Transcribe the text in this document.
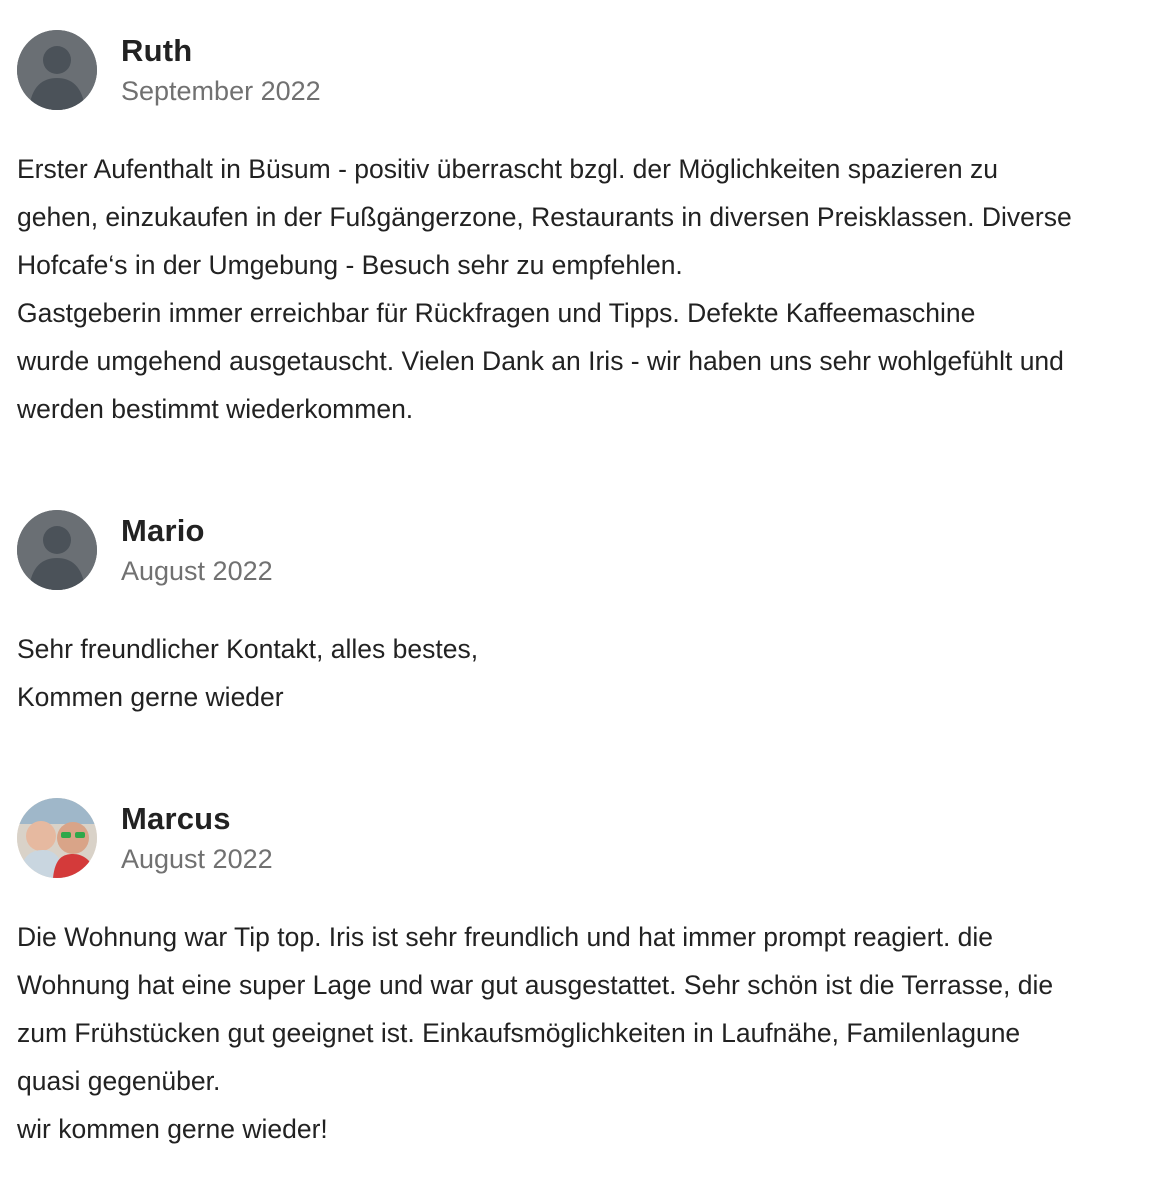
Ruth
September 2022
Erster Aufenthalt in Büsum - positiv überrascht bzgl. der Möglichkeiten spazieren zu
gehen, einzukaufen in der Fußgängerzone, Restaurants in diversen Preisklassen. Diverse
Hofcafe‘s in der Umgebung - Besuch sehr zu empfehlen.
Gastgeberin immer erreichbar für Rückfragen und Tipps. Defekte Kaffeemaschine
wurde umgehend ausgetauscht. Vielen Dank an Iris - wir haben uns sehr wohlgefühlt und
werden bestimmt wiederkommen.
Mario
August 2022
Sehr freundlicher Kontakt, alles bestes,
Kommen gerne wieder
Marcus
August 2022
Die Wohnung war Tip top. Iris ist sehr freundlich und hat immer prompt reagiert. die
Wohnung hat eine super Lage und war gut ausgestattet. Sehr schön ist die Terrasse, die
zum Frühstücken gut geeignet ist. Einkaufsmöglichkeiten in Laufnähe, Familenlagune
quasi gegenüber.
wir kommen gerne wieder!
